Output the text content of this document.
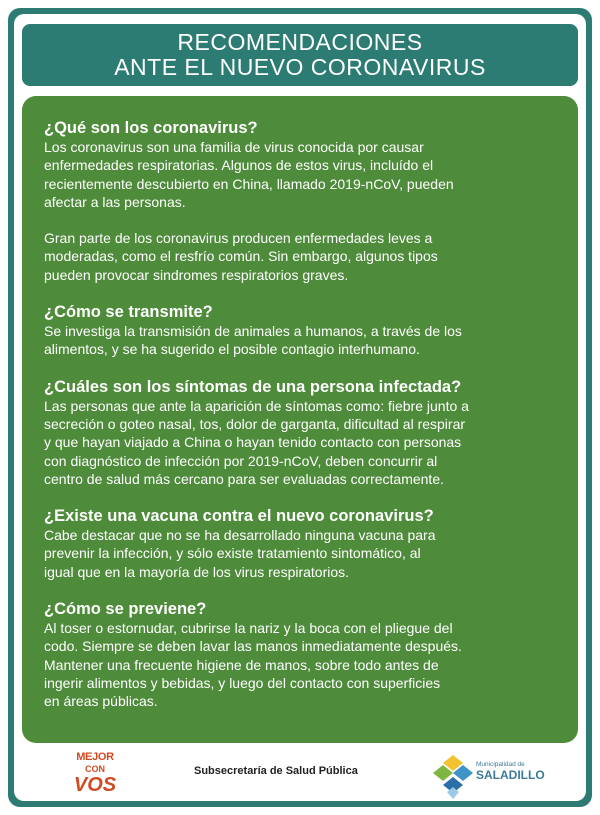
RECOMENDACIONES
ANTE EL NUEVO CORONAVIRUS
¿Qué son los coronavirus?

Los coronavirus son una familia de virus conocida por causar
enfermedades respiratorias. Algunos de estos virus, incluído el
recientemente descubierto en China, llamado 2019-nCoV, pueden
afectar a las personas.

Gran parte de los coronavirus producen enfermedades leves a
moderadas, como el resfrío común. Sin embargo, algunos tipos
pueden provocar sindromes respiratorios graves.

¿Cómo se transmite?

Se investiga la transmisión de animales a humanos, a través de los
alimentos, y se ha sugerido el posible contagio interhumano.

¿Cuáles son los síntomas de una persona infectada?

Las personas que ante la aparición de síntomas como: fiebre junto a
secreción o goteo nasal, tos, dolor de garganta, dificultad al respirar
y que hayan viajado a China o hayan tenido contacto con personas
con diagnóstico de infección por 2019-nCoV, deben concurrir al
centro de salud más cercano para ser evaluadas correctamente.

¿Existe una vacuna contra el nuevo coronavirus?

Cabe destacar que no se ha desarrollado ninguna vacuna para
prevenir la infección, y sólo existe tratamiento sintomático, al
igual que en la mayoría de los virus respiratorios.

¿Cómo se previene?

Al toser o estornudar, cubrirse la nariz y la boca con el pliegue del
codo. Siempre se deben lavar las manos inmediatamente después.
Mantener una frecuente higiene de manos, sobre todo antes de
ingerir alimentos y bebidas, y luego del contacto con superficies
en áreas públicas.

MEJOR
CON
VOS
Subsecretaría de Salud Pública
Municipalidad de
SALADILLO
